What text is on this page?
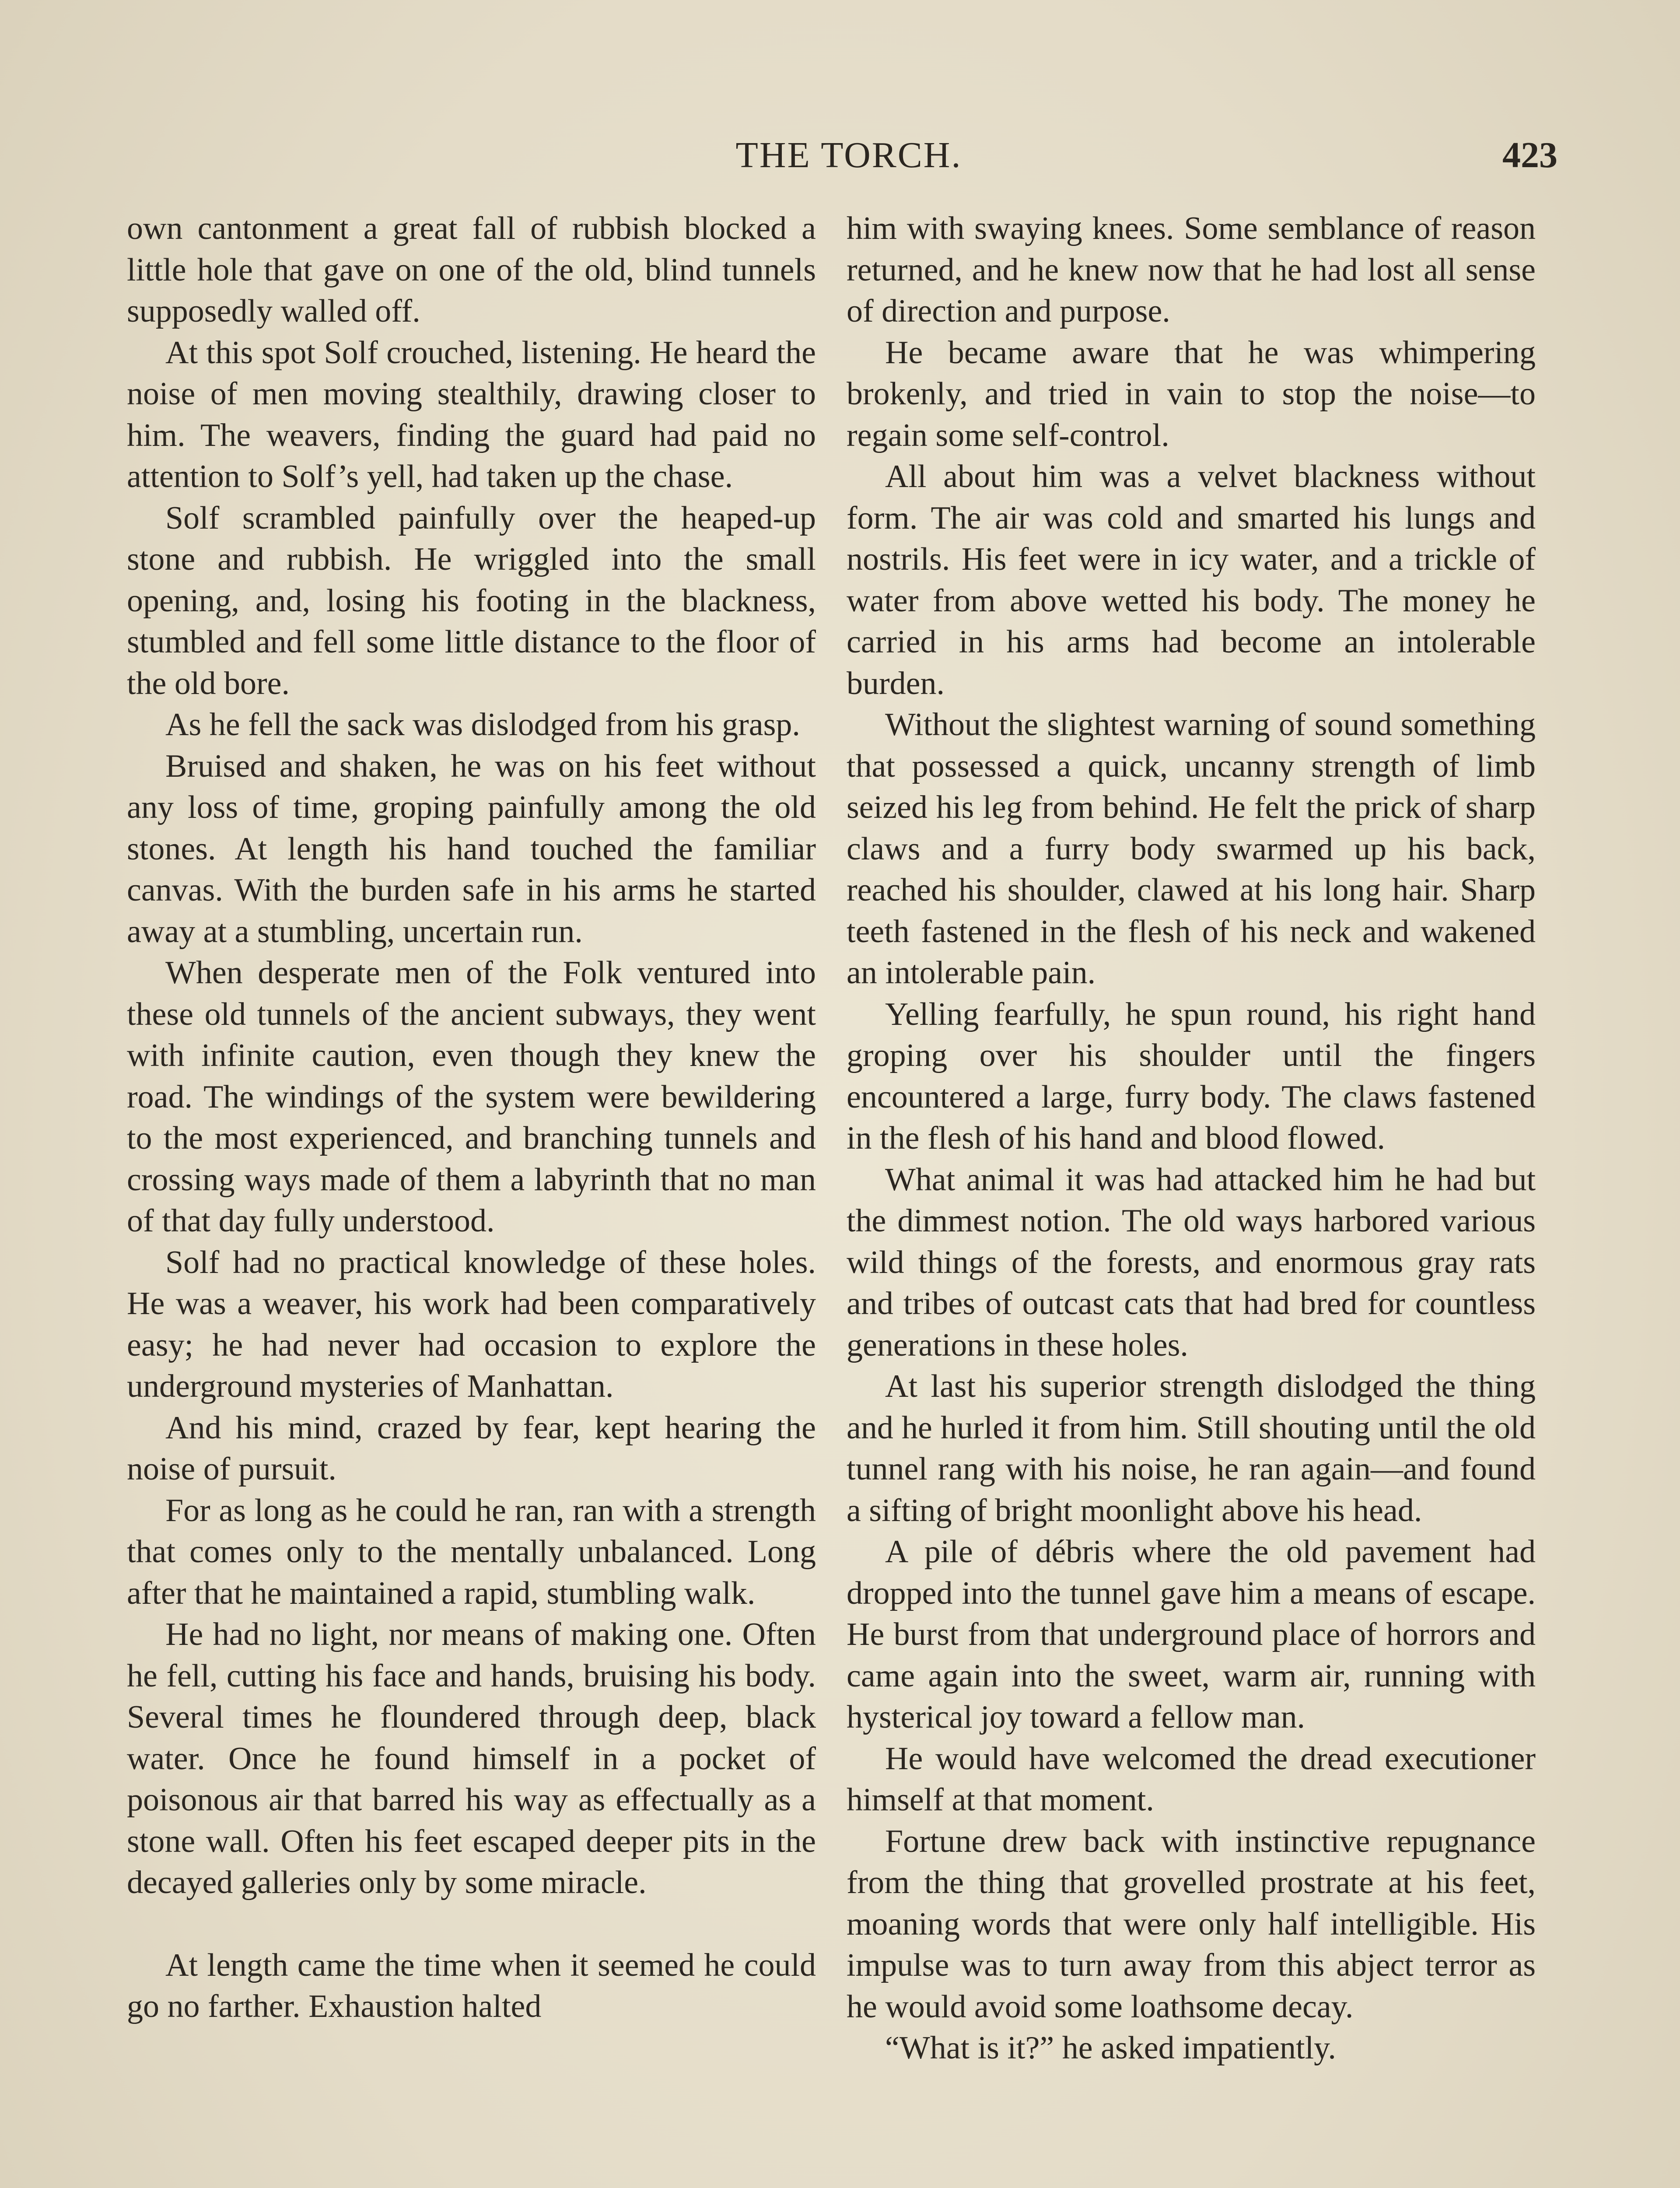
THE TORCH.	423

own cantonment a great fall of rubbish blocked a little hole that gave on one of the old, blind tunnels supposedly walled off.

At this spot Solf crouched, listening. He heard the noise of men moving stealthily, drawing closer to him. The weavers, finding the guard had paid no attention to Solf’s yell, had taken up the chase.

Solf scrambled painfully over the heaped-up stone and rubbish. He wriggled into the small opening, and, losing his footing in the blackness, stumbled and fell some little distance to the floor of the old bore.

As he fell the sack was dislodged from his grasp.

Bruised and shaken, he was on his feet without any loss of time, groping painfully among the old stones. At length his hand touched the familiar canvas. With the burden safe in his arms he started away at a stumbling, uncertain run.

When desperate men of the Folk ventured into these old tunnels of the ancient subways, they went with infinite caution, even though they knew the road. The windings of the system were bewildering to the most experienced, and branching tunnels and crossing ways made of them a labyrinth that no man of that day fully understood.

Solf had no practical knowledge of these holes. He was a weaver, his work had been comparatively easy; he had never had occasion to explore the underground mysteries of Manhattan.

And his mind, crazed by fear, kept hearing the noise of pursuit.

For as long as he could he ran, ran with a strength that comes only to the mentally unbalanced. Long after that he maintained a rapid, stumbling walk.

He had no light, nor means of making one. Often he fell, cutting his face and hands, bruising his body. Several times he floundered through deep, black water. Once he found himself in a pocket of poisonous air that barred his way as effectually as a stone wall. Often his feet escaped deeper pits in the decayed galleries only by some miracle.

At length came the time when it seemed he could go no farther. Exhaustion halted

him with swaying knees. Some semblance of reason returned, and he knew now that he had lost all sense of direction and purpose.

He became aware that he was whimpering brokenly, and tried in vain to stop the noise—to regain some self-control.

All about him was a velvet blackness without form. The air was cold and smarted his lungs and nostrils. His feet were in icy water, and a trickle of water from above wetted his body. The money he carried in his arms had become an intolerable burden.

Without the slightest warning of sound something that possessed a quick, uncanny strength of limb seized his leg from behind. He felt the prick of sharp claws and a furry body swarmed up his back, reached his shoulder, clawed at his long hair. Sharp teeth fastened in the flesh of his neck and wakened an intolerable pain.

Yelling fearfully, he spun round, his right hand groping over his shoulder until the fingers encountered a large, furry body. The claws fastened in the flesh of his hand and blood flowed.

What animal it was had attacked him he had but the dimmest notion. The old ways harbored various wild things of the forests, and enormous gray rats and tribes of outcast cats that had bred for countless generations in these holes.

At last his superior strength dislodged the thing and he hurled it from him. Still shouting until the old tunnel rang with his noise, he ran again—and found a sifting of bright moonlight above his head.

A pile of débris where the old pavement had dropped into the tunnel gave him a means of escape. He burst from that underground place of horrors and came again into the sweet, warm air, running with hysterical joy toward a fellow man.

He would have welcomed the dread executioner himself at that moment.

Fortune drew back with instinctive repugnance from the thing that grovelled prostrate at his feet, moaning words that were only half intelligible. His impulse was to turn away from this abject terror as he would avoid some loathsome decay.

“What is it?” he asked impatiently.
